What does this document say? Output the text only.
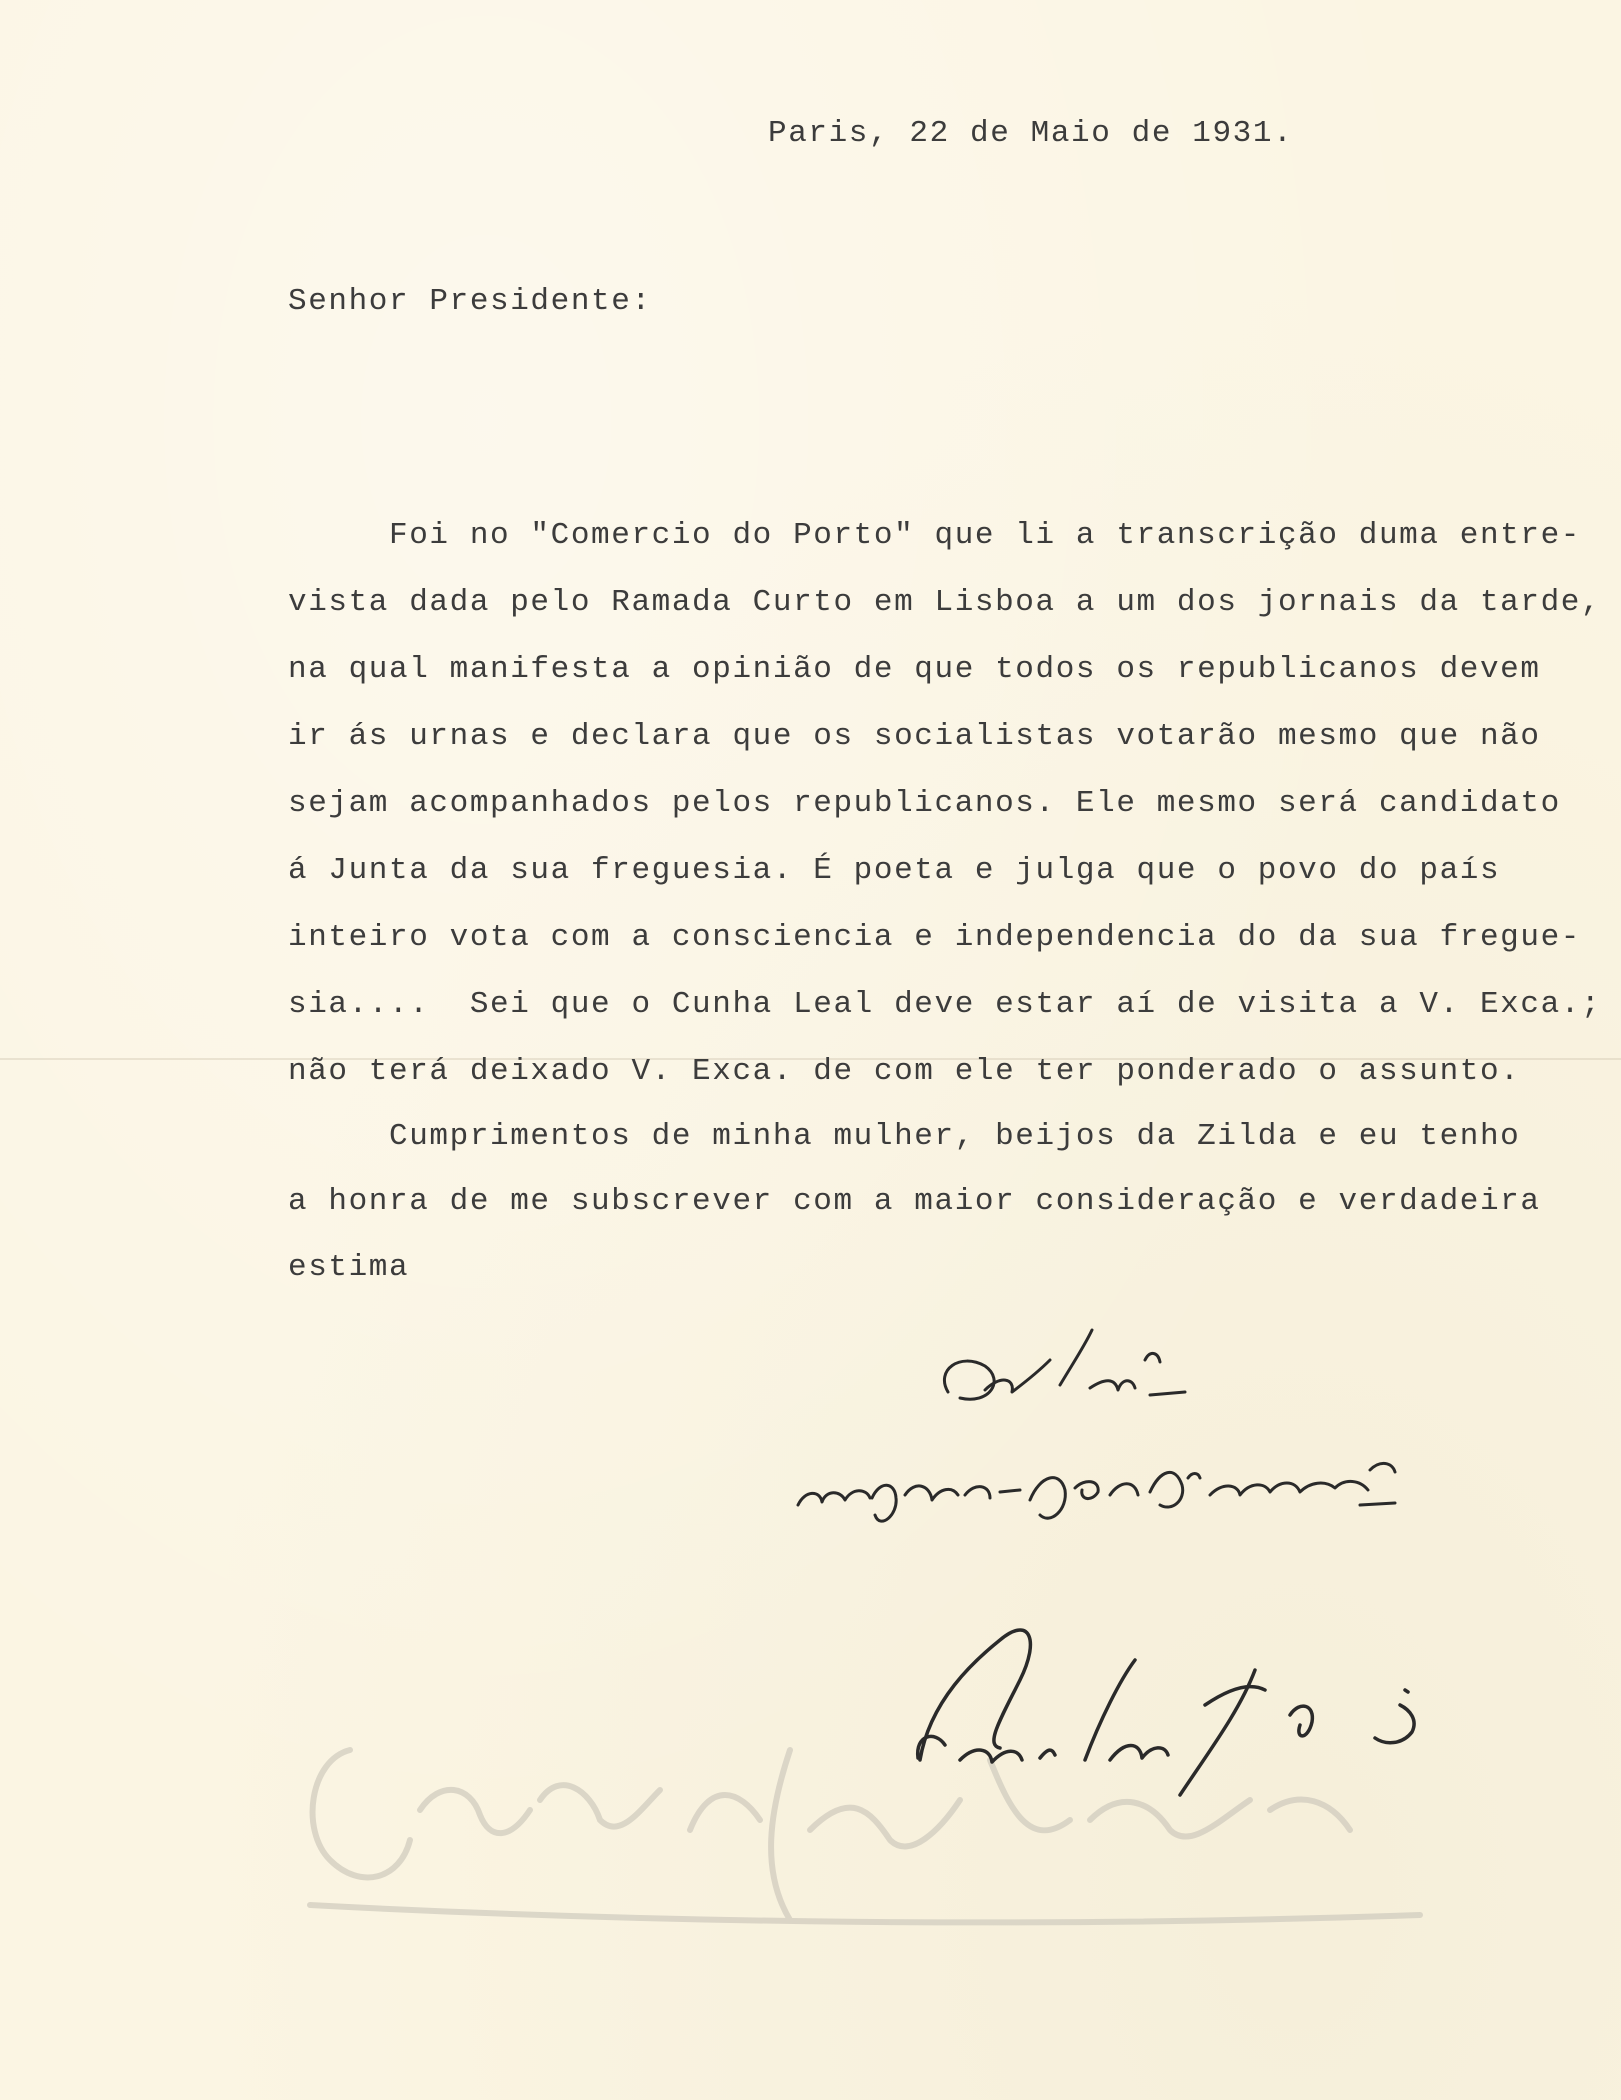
Paris, 22 de Maio de 1931.
Senhor Presidente:
Foi no "Comercio do Porto" que li a transcrição duma entre-
vista dada pelo Ramada Curto em Lisboa a um dos jornais da tarde,
na qual manifesta a opinião de que todos os republicanos devem
ir ás urnas e declara que os socialistas votarão mesmo que não
sejam acompanhados pelos republicanos. Ele mesmo será candidato
á Junta da sua freguesia. É poeta e julga que o povo do país
inteiro vota com a consciencia e independencia do da sua fregue-
sia....  Sei que o Cunha Leal deve estar aí de visita a V. Exca.;
não terá deixado V. Exca. de com ele ter ponderado o assunto.
Cumprimentos de minha mulher, beijos da Zilda e eu tenho
a honra de me subscrever com a maior consideração e verdadeira
estima
